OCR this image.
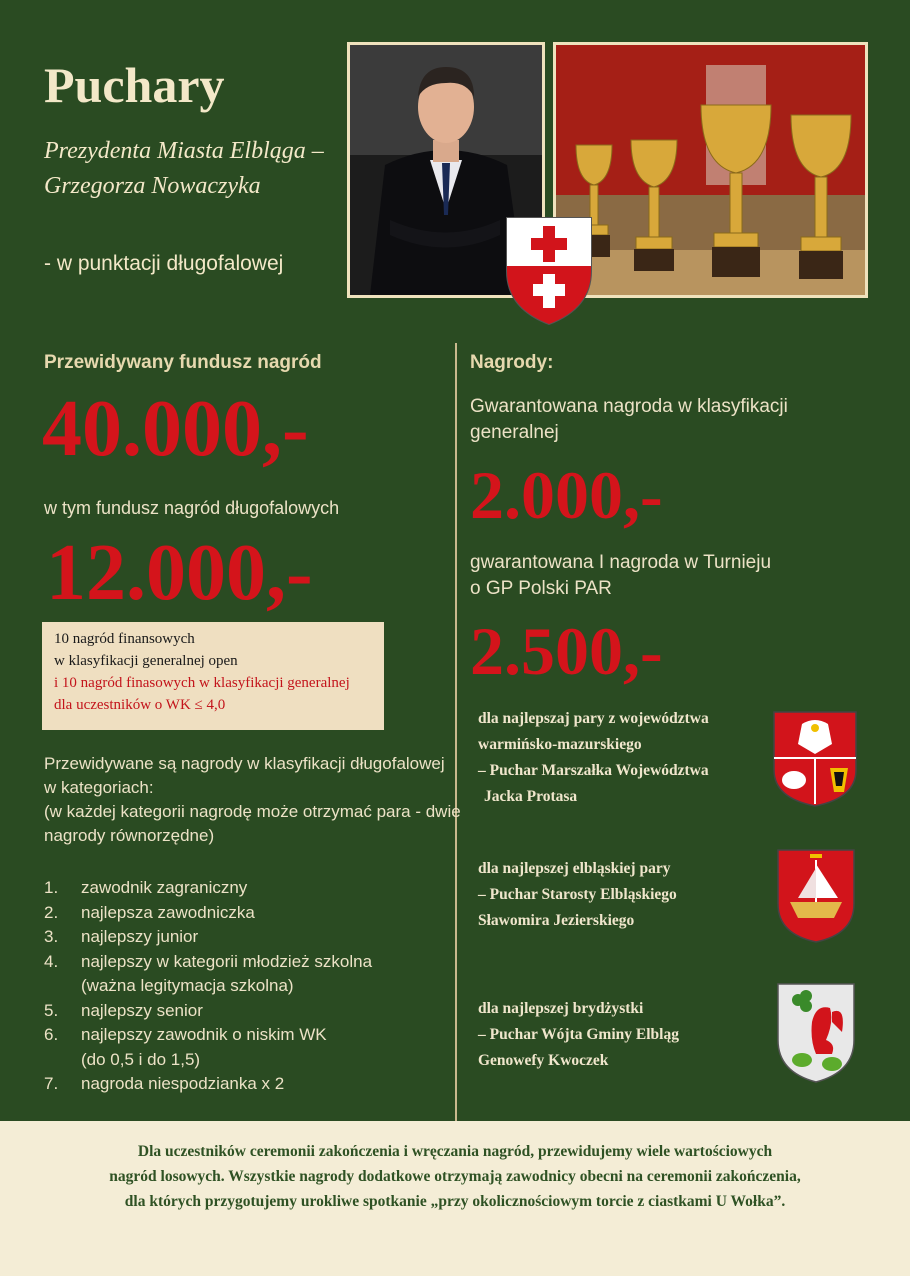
Puchary
Prezydenta Miasta Elbląga –
Grzegorza Nowaczyka
- w punktacji długofalowej
Przewidywany fundusz nagród
40.000,-
w tym fundusz nagród długofalowych
12.000,-
10 nagród finansowych
w klasyfikacji generalnej open
i 10 nagród finasowych w klasyfikacji generalnej
dla uczestników o WK ≤ 4,0
Przewidywane są nagrody w klasyfikacji długofalowej
w kategoriach:
(w każdej kategorii nagrodę może otrzymać para - dwie
nagrody równorzędne)
1.	zawodnik zagraniczny
2.	najlepsza zawodniczka
3.	najlepszy junior
4.	najlepszy w kategorii młodzież szkolna
(ważna legitymacja szkolna)
5.	najlepszy senior
6.	najlepszy zawodnik o niskim WK
(do 0,5 i do 1,5)
7.	nagroda niespodzianka x 2
Nagrody:
Gwarantowana nagroda w klasyfikacji
generalnej
2.000,-
gwarantowana I nagroda w Turnieju
o GP Polski PAR
2.500,-
dla najlepszaj pary z województwa
warmińsko-mazurskiego
– Puchar Marszałka Województwa
Jacka Protasa
dla najlepszej elbląskiej pary
– Puchar Starosty Elbląskiego
Sławomira Jezierskiego
dla najlepszej brydżystki
– Puchar Wójta Gminy Elbląg
Genowefy Kwoczek
Dla uczestników ceremonii zakończenia i wręczania nagród, przewidujemy wiele wartościowych
nagród losowych. Wszystkie nagrody dodatkowe otrzymają zawodnicy obecni na ceremonii zakończenia,
dla których przygotujemy urokliwe spotkanie „przy okolicznościowym torcie z ciastkami U Wołka”.
